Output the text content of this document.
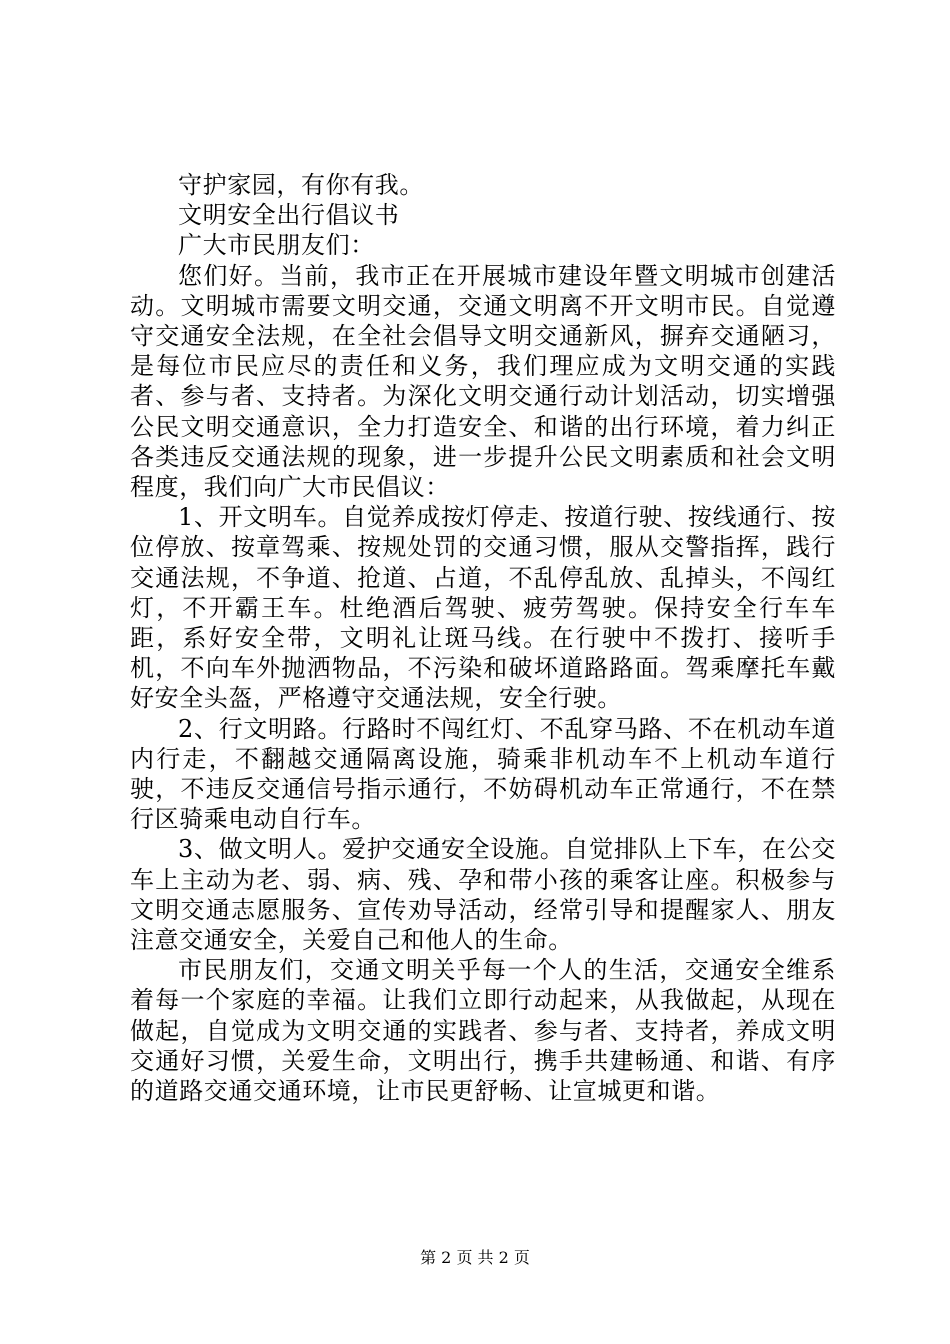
守护家园，有你有我。

文明安全出行倡议书

广大市民朋友们：

您们好。当前，我市正在开展城市建设年暨文明城市创建活动。文明城市需要文明交通，交通文明离不开文明市民。自觉遵守交通安全法规，在全社会倡导文明交通新风，摒弃交通陋习，是每位市民应尽的责任和义务，我们理应成为文明交通的实践者、参与者、支持者。为深化文明交通行动计划活动，切实增强公民文明交通意识，全力打造安全、和谐的出行环境，着力纠正各类违反交通法规的现象，进一步提升公民文明素质和社会文明程度，我们向广大市民倡议：

1、开文明车。自觉养成按灯停走、按道行驶、按线通行、按位停放、按章驾乘、按规处罚的交通习惯，服从交警指挥，践行交通法规，不争道、抢道、占道，不乱停乱放、乱掉头，不闯红灯，不开霸王车。杜绝酒后驾驶、疲劳驾驶。保持安全行车车距，系好安全带，文明礼让斑马线。在行驶中不拨打、接听手机，不向车外抛洒物品，不污染和破坏道路路面。驾乘摩托车戴好安全头盔，严格遵守交通法规，安全行驶。

2、行文明路。行路时不闯红灯、不乱穿马路、不在机动车道内行走，不翻越交通隔离设施，骑乘非机动车不上机动车道行驶，不违反交通信号指示通行，不妨碍机动车正常通行，不在禁行区骑乘电动自行车。

3、做文明人。爱护交通安全设施。自觉排队上下车，在公交车上主动为老、弱、病、残、孕和带小孩的乘客让座。积极参与文明交通志愿服务、宣传劝导活动，经常引导和提醒家人、朋友注意交通安全，关爱自己和他人的生命。

市民朋友们，交通文明关乎每一个人的生活，交通安全维系着每一个家庭的幸福。让我们立即行动起来，从我做起，从现在做起，自觉成为文明交通的实践者、参与者、支持者，养成文明交通好习惯，关爱生命，文明出行，携手共建畅通、和谐、有序的道路交通交通环境，让市民更舒畅、让宣城更和谐。

第 2 页 共 2 页
